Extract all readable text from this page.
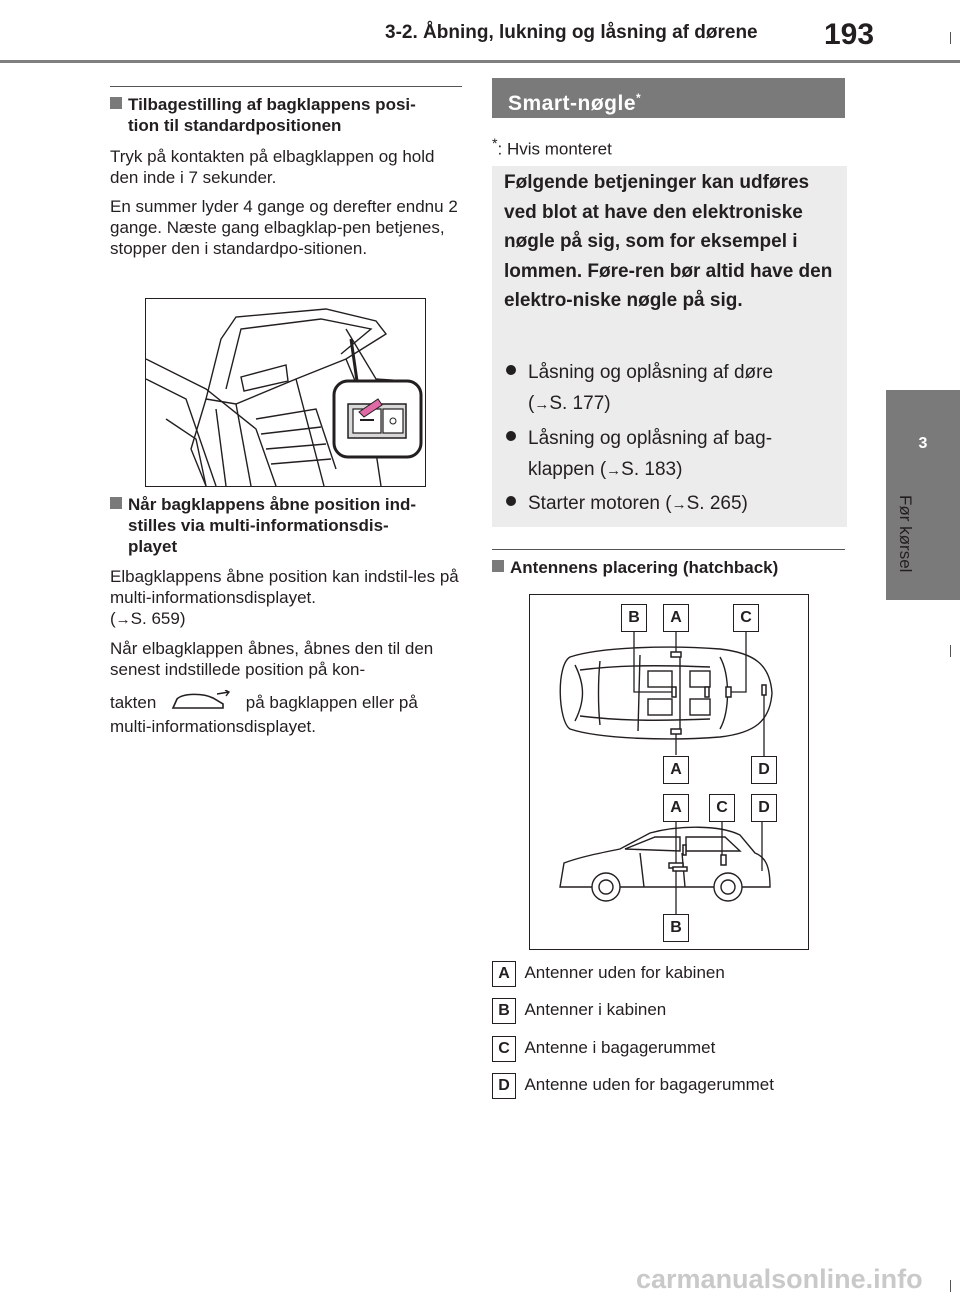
3-2. Åbning, lukning og låsning af dørene 193
3
Før kørsel
Tilbagestilling af bagklappens posi-
tion til standardpositionen
Tryk på kontakten på elbagklappen og hold den inde i 7 sekunder.
En summer lyder 4 gange og derefter endnu 2 gange. Næste gang elbagklap-pen betjenes, stopper den i standardpo-sitionen.
Når bagklappens åbne position ind-
stilles via multi-informationsdis-
playet
Elbagklappens åbne position kan indstil-les på multi-informationsdisplayet.
(→S. 659)
Når elbagklappen åbnes, åbnes den til den senest indstillede position på kon-
takten	på bagklappen eller på
multi-informationsdisplayet.
Smart-nøgle*
*: Hvis monteret
Følgende betjeninger kan udføres ved blot at have den elektroniske nøgle på sig, som for eksempel i lommen. Føre-ren bør altid have den elektro-niske nøgle på sig.
Låsning og oplåsning af døre
(→S. 177)
Låsning og oplåsning af bag-
klappen (→S. 183)
Starter motoren (→S. 265)
Antennens placering (hatchback)
B	A	C
A	D
A	C	D
B
A Antenner uden for kabinen
B Antenner i kabinen
C Antenne i bagagerummet
D Antenne uden for bagagerummet
carmanualsonline.info
